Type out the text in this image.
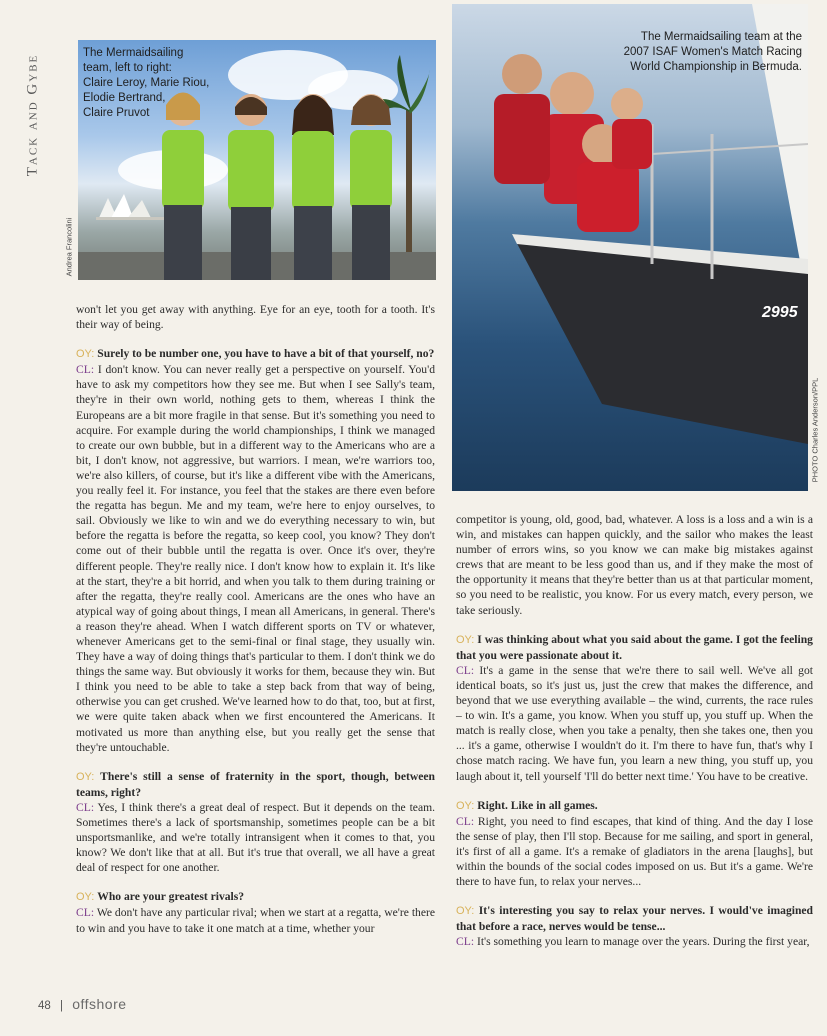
Tack and Gybe
The Mermaidsailing
team, left to right:
Claire Leroy, Marie Riou,
Elodie Bertrand,
Claire Pruvot
Andrea Francolini
2995
The Mermaidsailing team at the
2007 ISAF Women's Match Racing
World Championship in Bermuda.
PHOTO Charles Anderson/PPL

won't let you get away with anything. Eye for an eye, tooth for a tooth. It's their way of being.

OY: Surely to be number one, you have to have a bit of that yourself, no?
CL: I don't know. You can never really get a perspective on yourself. You'd have to ask my competitors how they see me. But when I see Sally's team, they're in their own world, nothing gets to them, whereas I think the Europeans are a bit more fragile in that sense. But it's something you need to acquire. For example during the world championships, I think we managed to create our own bubble, but in a different way to the Americans who are a bit, I don't know, not aggressive, but warriors. I mean, we're warriors too, we're also killers, of course, but it's like a different vibe with the Americans, you really feel it. For instance, you feel that the stakes are there even before the regatta has begun. Me and my team, we're here to enjoy ourselves, to sail. Obviously we like to win and we do everything necessary to win, but before the regatta is before the regatta, so keep cool, you know? They don't come out of their bubble until the regatta is over. Once it's over, they're different people. They're really nice. I don't know how to explain it. It's like at the start, they're a bit horrid, and when you talk to them during training or after the regatta, they're really cool. Americans are the ones who have an atypical way of going about things, I mean all Americans, in general. There's a reason they're ahead. When I watch different sports on TV or whatever, whenever Americans get to the semi-final or final stage, they usually win. They have a way of doing things that's particular to them. I don't think we do things the same way. But obviously it works for them, because they win. But I think you need to be able to take a step back from that way of being, otherwise you can get crushed. We've learned how to do that, too, but at first, we were quite taken aback when we first encountered the Americans. It motivated us more than anything else, but you really get the sense that they're untouchable.

OY: There's still a sense of fraternity in the sport, though, between teams, right?
CL: Yes, I think there's a great deal of respect. But it depends on the team. Sometimes there's a lack of sportsmanship, sometimes people can be a bit unsportsmanlike, and we're totally intransigent when it comes to that, you know? We don't like that at all. But it's true that overall, we all have a great deal of respect for one another.

OY: Who are your greatest rivals?
CL: We don't have any particular rival; when we start at a regatta, we're there to win and you have to take it one match at a time, whether your

competitor is young, old, good, bad, whatever. A loss is a loss and a win is a win, and mistakes can happen quickly, and the sailor who makes the least number of errors wins, so you know we can make big mistakes against crews that are meant to be less good than us, and if they make the most of the opportunity it means that they're better than us at that particular moment, so you need to be realistic, you know. For us every match, every person, we take seriously.

OY: I was thinking about what you said about the game. I got the feeling that you were passionate about it.
CL: It's a game in the sense that we're there to sail well. We've all got identical boats, so it's just us, just the crew that makes the difference, and beyond that we use everything available – the wind, currents, the race rules – to win. It's a game, you know. When you stuff up, you stuff up. When the match is really close, when you take a penalty, then she takes one, then you ... it's a game, otherwise I wouldn't do it. I'm there to have fun, that's why I chose match racing. We have fun, you learn a new thing, you stuff up, you laugh about it, tell yourself 'I'll do better next time.' You have to be creative.

OY: Right. Like in all games.
CL: Right, you need to find escapes, that kind of thing. And the day I lose the sense of play, then I'll stop. Because for me sailing, and sport in general, it's first of all a game. It's a remake of gladiators in the arena [laughs], but within the bounds of the social codes imposed on us. But it's a game. We're there to have fun, to relax your nerves...

OY: It's interesting you say to relax your nerves. I would've imagined that before a race, nerves would be tense...
CL: It's something you learn to manage over the years. During the first year,

48 | offshore
